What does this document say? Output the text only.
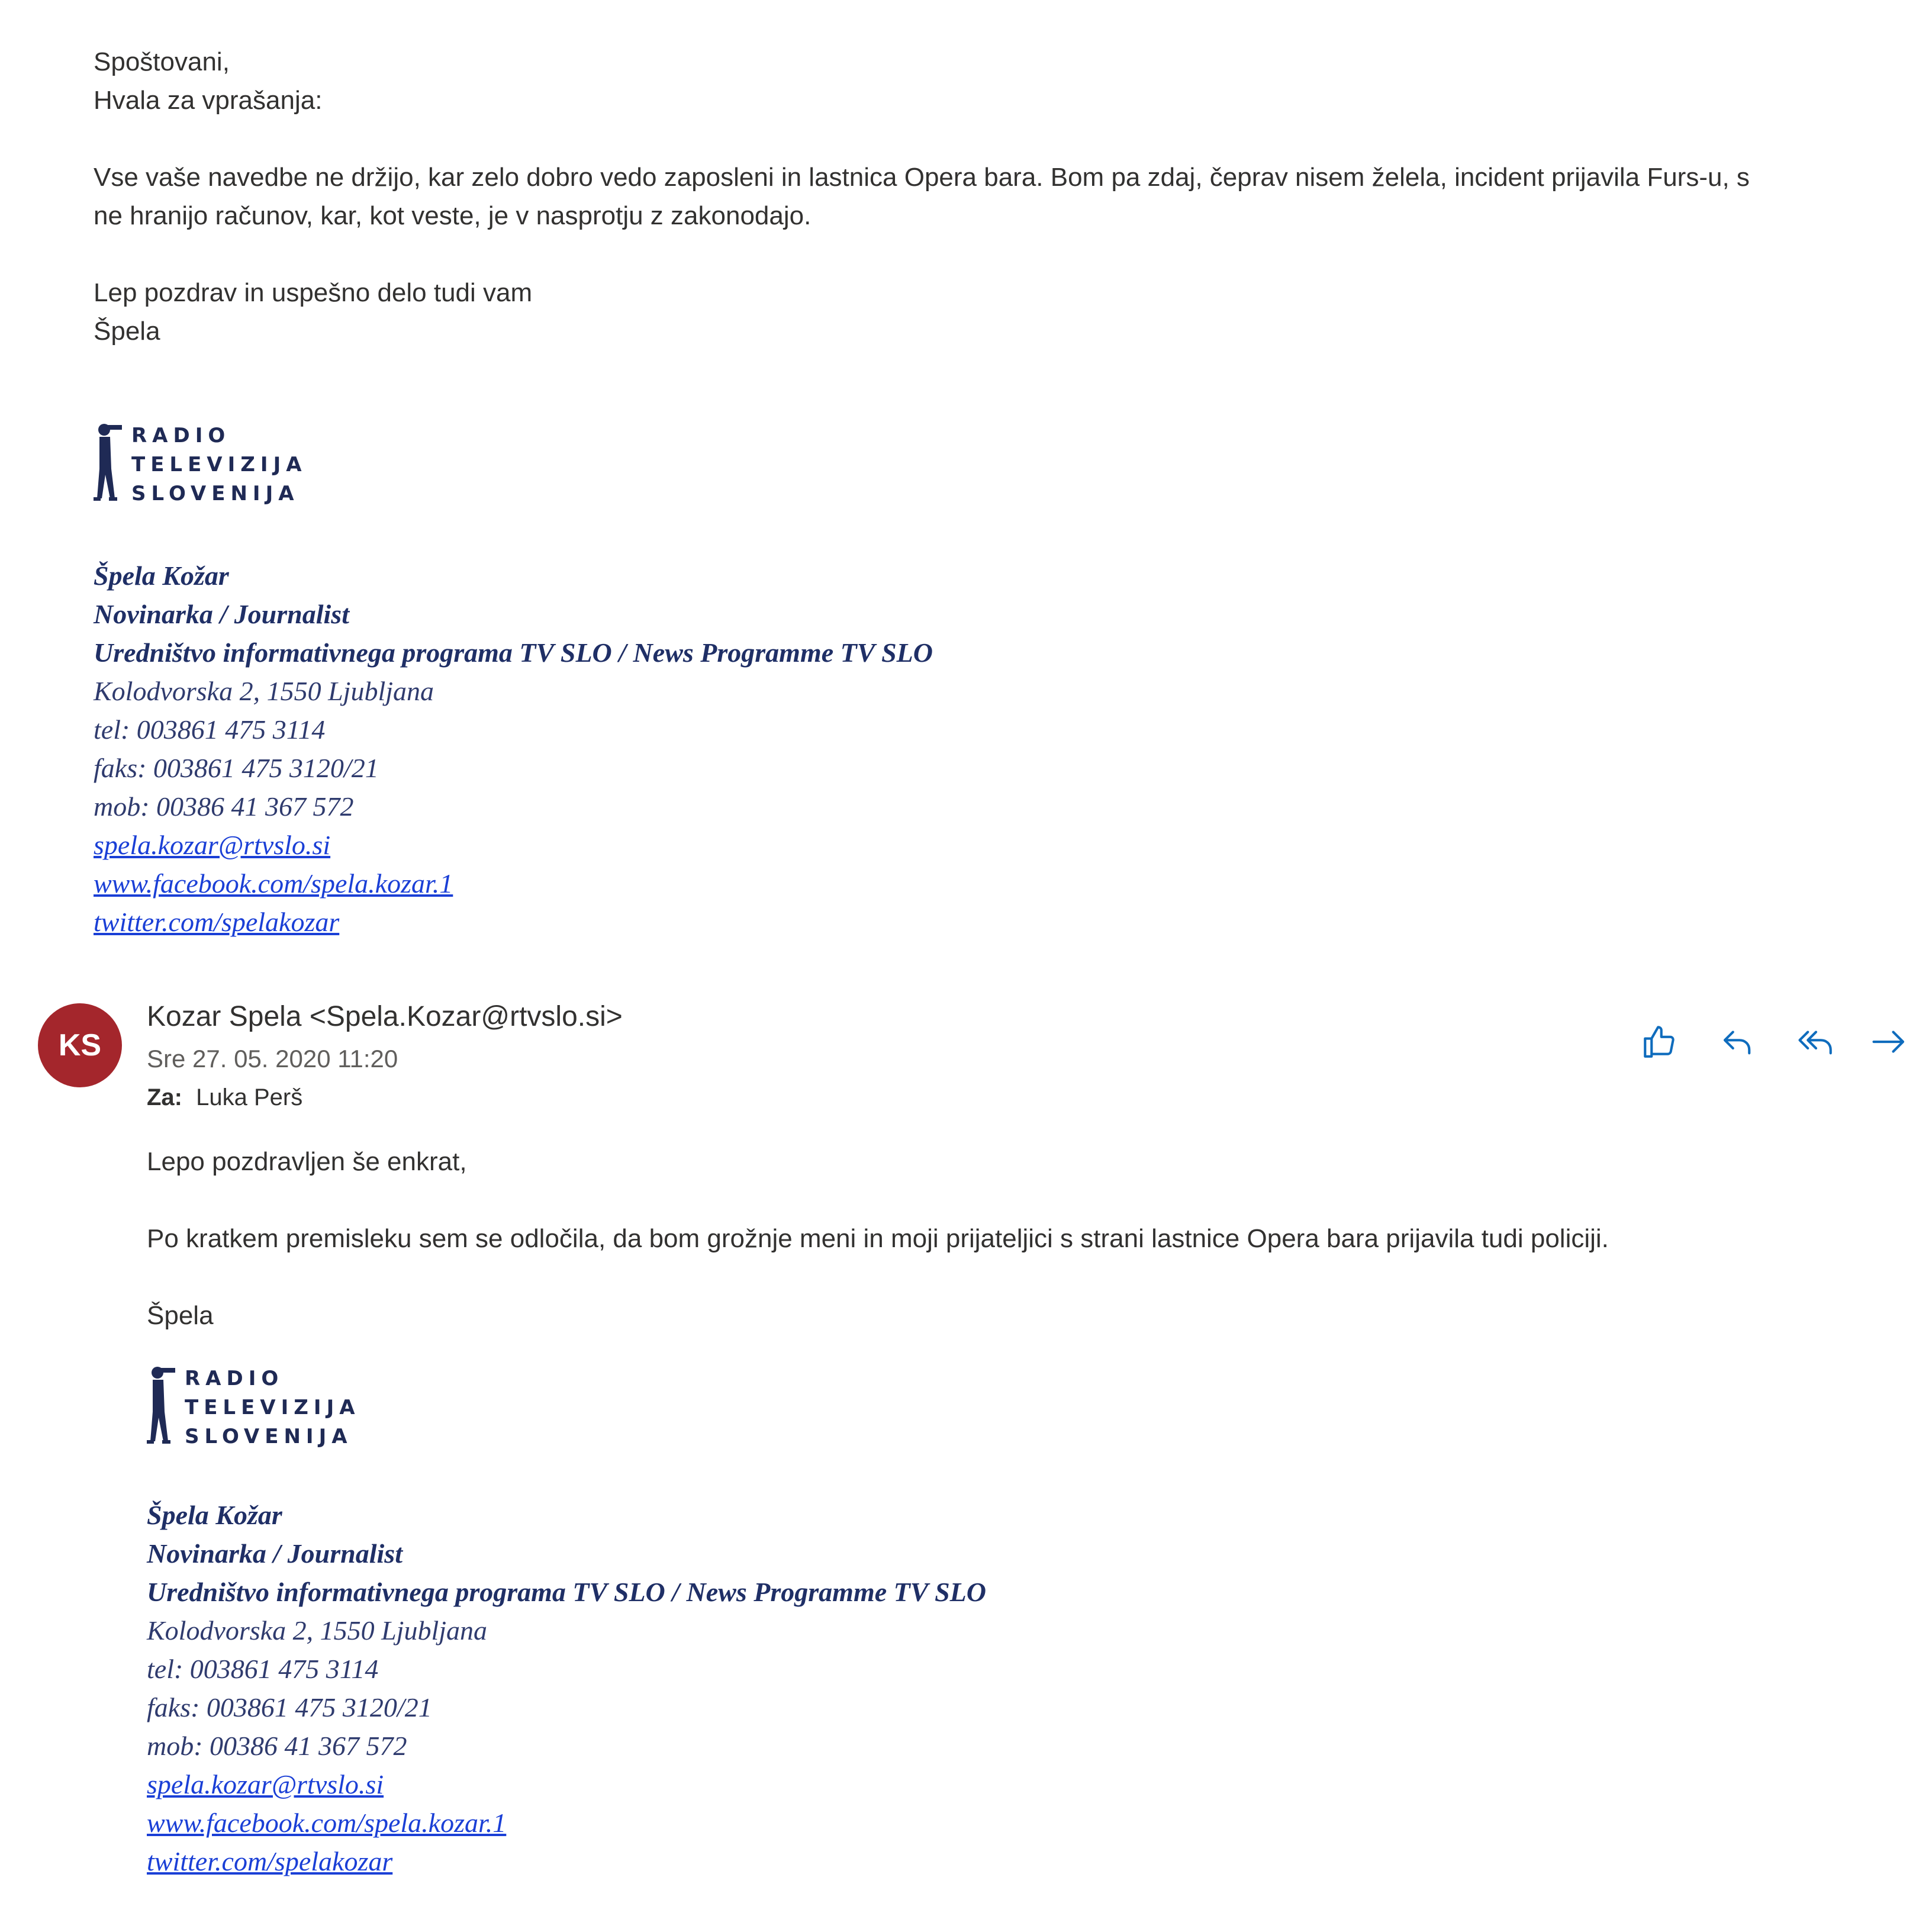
Spoštovani,
Hvala za vprašanja:
Vse vaše navedbe ne držijo, kar zelo dobro vedo zaposleni in lastnica Opera bara. Bom pa zdaj, čeprav nisem želela, incident prijavila Furs-u, s
ne hranijo računov, kar, kot veste, je v nasprotju z zakonodajo.
Lep pozdrav in uspešno delo tudi vam
Špela
RADIO
TELEVIZIJA
SLOVENIJA
Špela Kožar
Novinarka / Journalist
Uredništvo informativnega programa TV SLO / News Programme TV SLO
Kolodvorska 2, 1550 Ljubljana
tel: 003861 475 3114
faks: 003861 475 3120/21
mob: 00386 41 367 572
spela.kozar@rtvslo.si
www.facebook.com/spela.kozar.1
twitter.com/spelakozar
KS
Kozar Spela <Spela.Kozar@rtvslo.si>
Sre 27. 05. 2020 11:20
Za: Luka Perš
Lepo pozdravljen še enkrat,
Po kratkem premisleku sem se odločila, da bom grožnje meni in moji prijateljici s strani lastnice Opera bara prijavila tudi policiji.
Špela
RADIO
TELEVIZIJA
SLOVENIJA
Špela Kožar
Novinarka / Journalist
Uredništvo informativnega programa TV SLO / News Programme TV SLO
Kolodvorska 2, 1550 Ljubljana
tel: 003861 475 3114
faks: 003861 475 3120/21
mob: 00386 41 367 572
spela.kozar@rtvslo.si
www.facebook.com/spela.kozar.1
twitter.com/spelakozar
